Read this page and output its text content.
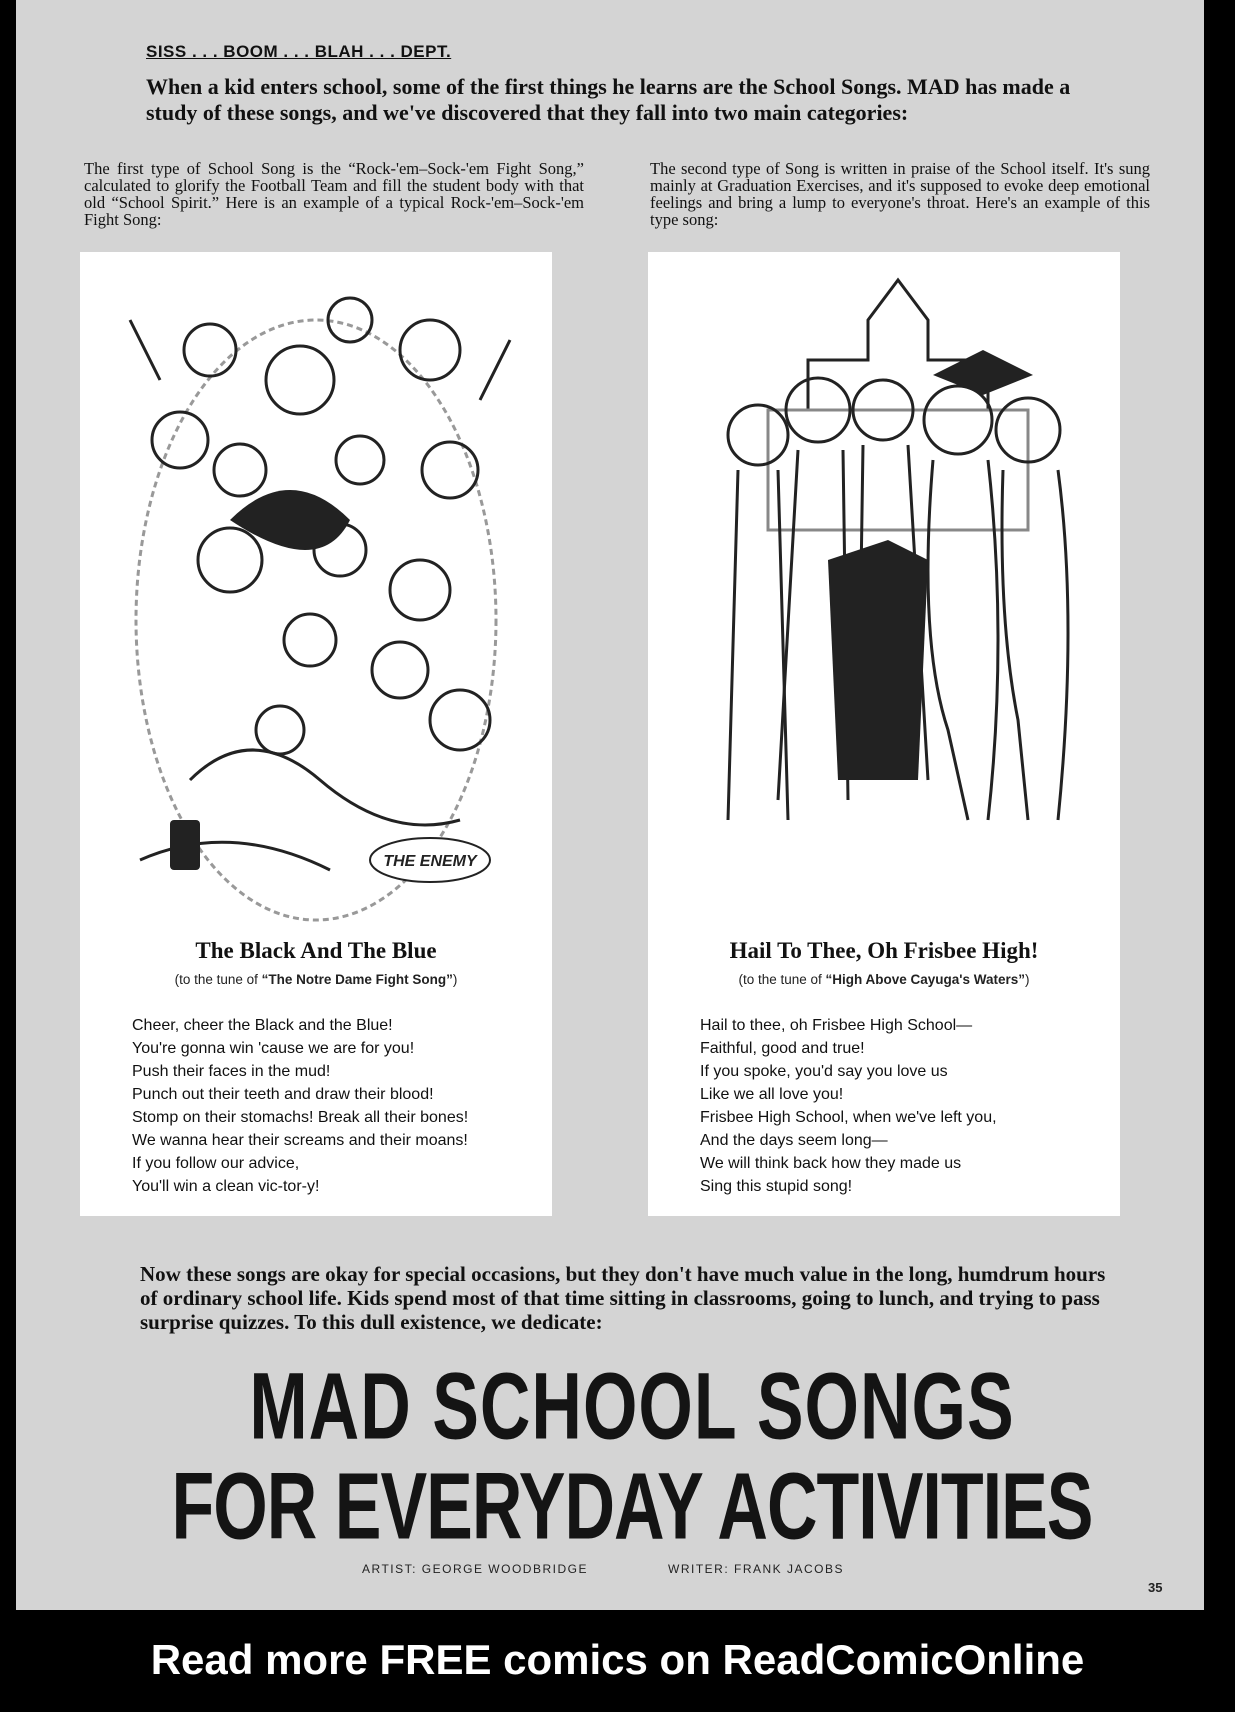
SISS . . . BOOM . . . BLAH . . . DEPT.
When a kid enters school, some of the first things he learns are the School Songs. MAD has made a study of these songs, and we've discovered that they fall into two main categories:
The first type of School Song is the “Rock-'em–Sock-'em Fight Song,” calculated to glorify the Football Team and fill the student body with that old “School Spirit.” Here is an example of a typical Rock-'em–Sock-'em Fight Song:
The second type of Song is written in praise of the School itself. It's sung mainly at Graduation Exercises, and it's supposed to evoke deep emotional feelings and bring a lump to everyone's throat. Here's an example of this type song:
THE ENEMY
The Black And The Blue
(to the tune of “The Notre Dame Fight Song”)
Cheer, cheer the Black and the Blue!
You're gonna win 'cause we are for you!
Push their faces in the mud!
Punch out their teeth and draw their blood!
Stomp on their stomachs! Break all their bones!
We wanna hear their screams and their moans!
If you follow our advice,
You'll win a clean vic-tor-y!
Hail To Thee, Oh Frisbee High!
(to the tune of “High Above Cayuga's Waters”)
Hail to thee, oh Frisbee High School—
Faithful, good and true!
If you spoke, you'd say you love us
Like we all love you!
Frisbee High School, when we've left you,
And the days seem long—
We will think back how they made us
Sing this stupid song!
Now these songs are okay for special occasions, but they don't have much value in the long, humdrum hours of ordinary school life. Kids spend most of that time sitting in classrooms, going to lunch, and trying to pass surprise quizzes. To this dull existence, we dedicate:
MAD SCHOOL SONGS
FOR EVERYDAY ACTIVITIES
ARTIST: GEORGE WOODBRIDGE	WRITER: FRANK JACOBS
35
Read more FREE comics on ReadComicOnline
